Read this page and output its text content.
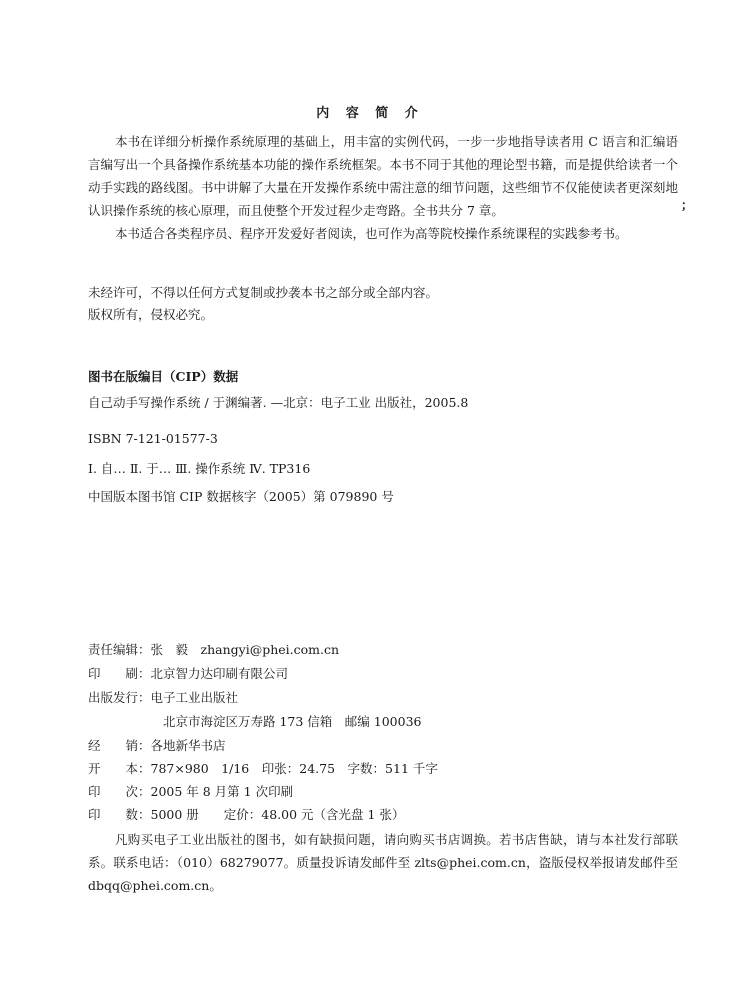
内 容 简 介
本书在详细分析操作系统原理的基础上，用丰富的实例代码，一步一步地指导读者用 C 语言和汇编语言编写出一个具备操作系统基本功能的操作系统框架。本书不同于其他的理论型书籍，而是提供给读者一个动手实践的路线图。书中讲解了大量在开发操作系统中需注意的细节问题，这些细节不仅能使读者更深刻地认识操作系统的核心原理，而且使整个开发过程少走弯路。全书共分 7 章。	；
本书适合各类程序员、程序开发爱好者阅读，也可作为高等院校操作系统课程的实践参考书。
未经许可，不得以任何方式复制或抄袭本书之部分或全部内容。
版权所有，侵权必究。
图书在版编目（CIP）数据
自己动手写操作系统 / 于渊编著. —北京：电子工业 出版社，2005.8
ISBN 7-121-01577-3
Ⅰ. 自… Ⅱ. 于… Ⅲ. 操作系统 Ⅳ. TP316
中国版本图书馆 CIP 数据核字（2005）第 079890 号
责任编辑：张　毅　zhangyi@phei.com.cn
印　　刷：北京智力达印刷有限公司
出版发行：电子工业出版社
北京市海淀区万寿路 173 信箱　邮编 100036
经　　销：各地新华书店
开　　本：787×980　1/16　印张：24.75　字数：511 千字
印　　次：2005 年 8 月第 1 次印刷
印　　数：5000 册　　定价：48.00 元（含光盘 1 张）
凡购买电子工业出版社的图书，如有缺损问题，请向购买书店调换。若书店售缺，请与本社发行部联系。联系电话：（010）68279077。质量投诉请发邮件至 zlts@phei.com.cn，盗版侵权举报请发邮件至 dbqq@phei.com.cn。
